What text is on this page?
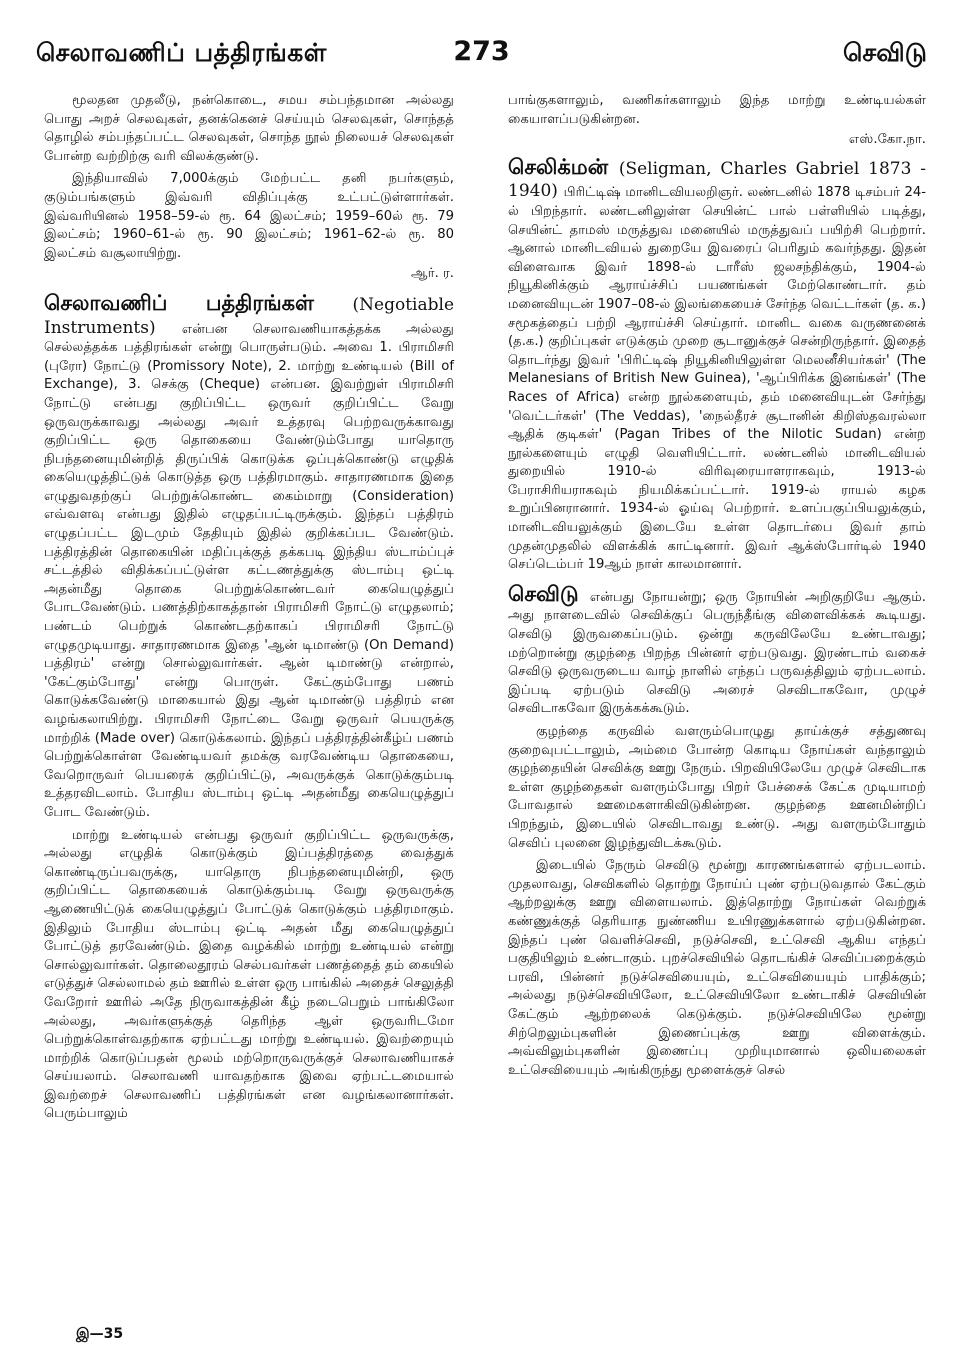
செலாவணிப் பத்திரங்கள்	273	செவிடு

மூலதன முதலீடு, நன்கொடை, சமய சம்பந்தமான அல்லது பொது அறச் செலவுகள், தனக்கெனச் செய்யும் செலவுகள், சொந்தத் தொழில் சம்பந்தப்பட்ட செலவுகள், சொந்த நூல் நிலையச் செலவுகள் போன்ற வற்றிற்கு வரி விலக்குண்டு.

இந்தியாவில் 7,000க்கும் மேற்பட்ட தனி நபர்களும், குடும்பங்களும் இவ்வரி விதிப்புக்கு உட்பட்டுள்ளார்கள். இவ்வரியினல் 1958–59-ல் ரூ. 64 இலட்சம்; 1959–60ல் ரூ. 79 இலட்சம்; 1960–61-ல் ரூ. 90 இலட்சம்; 1961–62-ல் ரூ. 80 இலட்சம் வசூலாயிற்று.

ஆர். ர.

செலாவணிப் பத்திரங்கள் (Negotiable Instruments) என்பன செலாவணியாகத்தக்க அல்லது செல்லத்தக்க பத்திரங்கள் என்று பொருள்படும். அவை 1. பிராமிசரி (புரோ) நோட்டு (Promissory Note), 2. மாற்று உண்டியல் (Bill of Exchange), 3. செக்கு (Cheque) என்பன. இவற்றுள் பிராமிசரி நோட்டு என்பது குறிப்பிட்ட ஒருவர் குறிப்பிட்ட வேறு ஒருவருக்காவது அல்லது அவர் உத்தரவு பெற்றவருக்காவது குறிப்பிட்ட ஒரு தொகையை வேண்டும்போது யாதொரு நிபந்தனையுமின்றித் திருப்பிக் கொடுக்க ஒப்புக்கொண்டு எழுதிக் கையெழுத்திட்டுக் கொடுத்த ஒரு பத்திரமாகும். சாதாரணமாக இதை எழுதுவதற்குப் பெற்றுக்கொண்ட கைம்மாறு (Consideration) எவ்வளவு என்பது இதில் எழுதப்பட்டிருக்கும். இந்தப் பத்திரம் எழுதப்பட்ட இடமும் தேதியும் இதில் குறிக்கப்பட வேண்டும். பத்திரத்தின் தொகையின் மதிப்புக்குத் தக்கபடி இந்திய ஸ்டாம்ப்புச் சட்டத்தில் விதிக்கப்பட்டுள்ள கட்டணத்துக்கு ஸ்டாம்பு ஒட்டி அதன்மீது தொகை பெற்றுக்கொண்டவர் கையெழுத்துப் போடவேண்டும். பணத்திற்காகத்தான் பிராமிசரி நோட்டு எழுதலாம்; பண்டம் பெற்றுக் கொண்டதற்காகப் பிராமிசரி நோட்டு எழுதமுடியாது. சாதாரணமாக இதை 'ஆன் டிமாண்டு (On Demand) பத்திரம்' என்று சொல்லுவார்கள். ஆன் டிமாண்டு என்றால், 'கேட்கும்போது' என்று பொருள். கேட்கும்போது பணம் கொடுக்கவேண்டு மாகையால் இது ஆன் டிமாண்டு பத்திரம் என வழங்கலாயிற்று. பிராமிசரி நோட்டை வேறு ஒருவர் பெயருக்கு மாற்றிக் (Made over) கொடுக்கலாம். இந்தப் பத்திரத்தின்கீழ்ப் பணம் பெற்றுக்கொள்ள வேண்டியவர் தமக்கு வரவேண்டிய தொகையை, வேறொருவர் பெயரைக் குறிப்பிட்டு, அவருக்குக் கொடுக்கும்படி உத்தரவிடலாம். போதிய ஸ்டாம்பு ஒட்டி அதன்மீது கையெழுத்துப் போட வேண்டும்.

மாற்று உண்டியல் என்பது ஒருவர் குறிப்பிட்ட ஒருவருக்கு, அல்லது எழுதிக் கொடுக்கும் இப்பத்திரத்தை வைத்துக் கொண்டிருப்பவருக்கு, யாதொரு நிபந்தனையுமின்றி, ஒரு குறிப்பிட்ட தொகையைக் கொடுக்கும்படி வேறு ஒருவருக்கு ஆணையிட்டுக் கையெழுத்துப் போட்டுக் கொடுக்கும் பத்திரமாகும். இதிலும் போதிய ஸ்டாம்பு ஒட்டி அதன் மீது கையெழுத்துப் போட்டுத் தரவேண்டும். இதை வழக்கில் மாற்று உண்டியல் என்று சொல்லுவார்கள். தொலைதூரம் செல்பவர்கள் பணத்தைத் தம் கையில் எடுத்துச் செல்லாமல் தம் ஊரில் உள்ள ஒரு பாங்கில் அதைச் செலுத்தி வேறோர் ஊரில் அதே நிருவாகத்தின் கீழ் நடைபெறும் பாங்கிலோ அல்லது, அவர்களுக்குத் தெரிந்த ஆள் ஒருவரிடமோ பெற்றுக்கொள்வதற்காக ஏற்பட்டது மாற்று உண்டியல். இவற்றையும் மாற்றிக் கொடுப்பதன் மூலம் மற்றொருவருக்குச் செலாவணியாகச் செய்யலாம். செலாவணி யாவதற்காக இவை ஏற்பட்டமையால் இவற்றைச் செலாவணிப் பத்திரங்கள் என வழங்கலானார்கள். பெரும்பாலும்

பாங்குகளாலும், வணிகர்களாலும் இந்த மாற்று உண்டியல்கள் கையாளப்படுகின்றன.

எஸ்.கோ.நா.

செலிக்மன் (Seligman, Charles Gabriel 1873 - 1940) பிரிட்டிஷ் மானிடவியலறிஞர். லண்டனில் 1878 டிசம்பர் 24-ல் பிறந்தார். லண்டனிலுள்ள செயின்ட் பால் பள்ளியில் படித்து, செயின்ட் தாமஸ் மருத்துவ மனையில் மருத்துவப் பயிற்சி பெற்றார். ஆனால் மானிடவியல் துறையே இவரைப் பெரிதும் கவர்ந்தது. இதன் விளைவாக இவர் 1898-ல் டாரீஸ் ஜலசந்திக்கும், 1904-ல் நியூகினிக்கும் ஆராய்ச்சிப் பயணங்கள் மேற்கொண்டார். தம் மனைவியுடன் 1907–08-ல் இலங்கையைச் சேர்ந்த வெட்டர்கள் (த. க.) சமூகத்தைப் பற்றி ஆராய்ச்சி செய்தார். மானிட வகை வருணனைக் (த.க.) குறிப்புகள் எடுக்கும் முறை சூடானுக்குச் சென்றிருந்தார். இதைத் தொடர்ந்து இவர் 'பிரிட்டிஷ் நியூகினியிலுள்ள மெலனீசியர்கள்' (The Melanesians of British New Guinea), 'ஆப்பிரிக்க இனங்கள்' (The Races of Africa) என்ற நூல்களையும், தம் மனைவியுடன் சேர்ந்து 'வெட்டர்கள்' (The Veddas), 'நைல்தீரச் சூடானின் கிறிஸ்தவரல்லா ஆதிக் குடிகள்' (Pagan Tribes of the Nilotic Sudan) என்ற நூல்களையும் எழுதி வெளியிட்டார். லண்டனில் மானிடவியல் துறையில் 1910-ல் விரிவுரையாளராகவும், 1913-ல் பேராசிரியராகவும் நியமிக்கப்பட்டார். 1919-ல் ராயல் கழக உறுப்பினரானார். 1934-ல் ஓய்வு பெற்றார். உளப்பகுப்பியலுக்கும், மானிடவியலுக்கும் இடையே உள்ள தொடர்பை இவர் தாம் முதன்முதலில் விளக்கிக் காட்டினார். இவர் ஆக்ஸ்போர்டில் 1940 செப்டெம்பர் 19ஆம் நாள் காலமானார்.

செவிடு என்பது நோயன்று; ஒரு நோயின் அறிகுறியே ஆகும். அது நாளடைவில் செவிக்குப் பெருந்தீங்கு விளைவிக்கக் கூடியது. செவிடு இருவகைப்படும். ஒன்று கருவிலேயே உண்டாவது; மற்றொன்று குழந்தை பிறந்த பின்னர் ஏற்படுவது. இரண்டாம் வகைச் செவிடு ஒருவருடைய வாழ் நாளில் எந்தப் பருவத்திலும் ஏற்படலாம். இப்படி ஏற்படும் செவிடு அரைச் செவிடாகவோ, முழுச் செவிடாகவோ இருக்கக்கூடும்.

குழந்தை கருவில் வளரும்பொழுது தாய்க்குச் சத்துணவு குறைவுபட்டாலும், அம்மை போன்ற கொடிய நோய்கள் வந்தாலும் குழந்தையின் செவிக்கு ஊறு நேரும். பிறவியிலேயே முழுச் செவிடாக உள்ள குழந்தைகள் வளரும்போது பிறர் பேச்சைக் கேட்க முடியாமற் போவதால் ஊமைகளாகிவிடுகின்றன. குழந்தை ஊனமின்றிப் பிறந்தும், இடையில் செவிடாவது உண்டு. அது வளரும்போதும் செவிப் புலனை இழந்துவிடக்கூடும்.

இடையில் நேரும் செவிடு மூன்று காரணங்களால் ஏற்படலாம். முதலாவது, செவிகளில் தொற்று நோய்ப் புண் ஏற்படுவதால் கேட்கும் ஆற்றலுக்கு ஊறு விளையலாம். இத்தொற்று நோய்கள் வெற்றுக் கண்ணுக்குத் தெரியாத நுண்ணிய உயிரணுக்களால் ஏற்படுகின்றன. இந்தப் புண் வெளிச்செவி, நடுச்செவி, உட்செவி ஆகிய எந்தப் பகுதியிலும் உண்டாகும். புறச்செவியில் தொடங்கிச் செவிப்பறைக்கும் பரவி, பின்னர் நடுச்செவியையும், உட்செவியையும் பாதிக்கும்; அல்லது நடுச்செவியிலோ, உட்செவியிலோ உண்டாகிச் செவியின் கேட்கும் ஆற்றலைக் கெடுக்கும். நடுச்செவியிலே மூன்று சிற்றெலும்புகளின் இணைப்புக்கு ஊறு விளைக்கும். அவ்விலும்புகளின் இணைப்பு முறியுமானால் ஒலியலைகள் உட்செவியையும் அங்கிருந்து மூளைக்குச் செல்

இ—35
